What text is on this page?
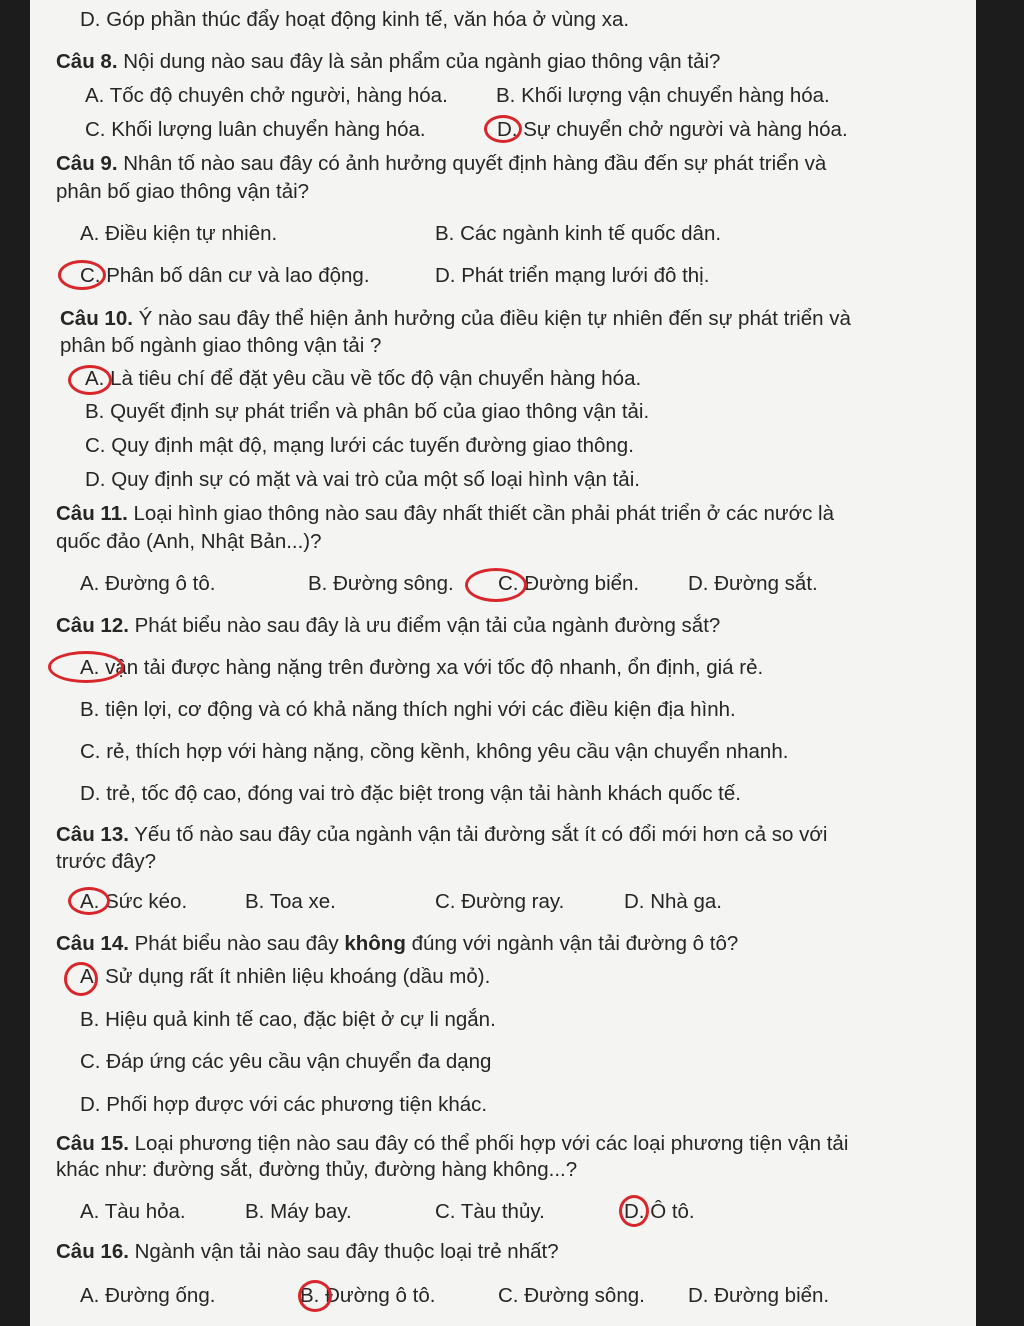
D. Góp phần thúc đẩy hoạt động kinh tế, văn hóa ở vùng xa.
Câu 8. Nội dung nào sau đây là sản phẩm của ngành giao thông vận tải?
A. Tốc độ chuyên chở người, hàng hóa. B. Khối lượng vận chuyển hàng hóa.
C. Khối lượng luân chuyển hàng hóa.	D. Sự chuyển chở người và hàng hóa.
Câu 9. Nhân tố nào sau đây có ảnh hưởng quyết định hàng đầu đến sự phát triển và
phân bố giao thông vận tải?
A. Điều kiện tự nhiên.	B. Các ngành kinh tế quốc dân.
C. Phân bố dân cư và lao động.	D. Phát triển mạng lưới đô thị.
Câu 10. Ý nào sau đây thể hiện ảnh hưởng của điều kiện tự nhiên đến sự phát triển và
phân bố ngành giao thông vận tải ?
A. Là tiêu chí để đặt yêu cầu về tốc độ vận chuyển hàng hóa.
B. Quyết định sự phát triển và phân bố của giao thông vận tải.
C. Quy định mật độ, mạng lưới các tuyến đường giao thông.
D. Quy định sự có mặt và vai trò của một số loại hình vận tải.
Câu 11. Loại hình giao thông nào sau đây nhất thiết cần phải phát triển ở các nước là
quốc đảo (Anh, Nhật Bản...)?
A. Đường ô tô.	B. Đường sông. C. Đường biển. D. Đường sắt.
Câu 12. Phát biểu nào sau đây là ưu điểm vận tải của ngành đường sắt?
A. vận tải được hàng nặng trên đường xa với tốc độ nhanh, ổn định, giá rẻ.
B. tiện lợi, cơ động và có khả năng thích nghi với các điều kiện địa hình.
C. rẻ, thích hợp với hàng nặng, cồng kềnh, không yêu cầu vận chuyển nhanh.
D. trẻ, tốc độ cao, đóng vai trò đặc biệt trong vận tải hành khách quốc tế.
Câu 13. Yếu tố nào sau đây của ngành vận tải đường sắt ít có đổi mới hơn cả so với
trước đây?
A. Sức kéo.	B. Toa xe.	C. Đường ray.	D. Nhà ga.
Câu 14. Phát biểu nào sau đây không đúng với ngành vận tải đường ô tô?
A. Sử dụng rất ít nhiên liệu khoáng (dầu mỏ).
B. Hiệu quả kinh tế cao, đặc biệt ở cự li ngắn.
C. Đáp ứng các yêu cầu vận chuyển đa dạng
D. Phối hợp được với các phương tiện khác.
Câu 15. Loại phương tiện nào sau đây có thể phối hợp với các loại phương tiện vận tải
khác như: đường sắt, đường thủy, đường hàng không...?
A. Tàu hỏa.	B. Máy bay.	C. Tàu thủy.	D. Ô tô.
Câu 16. Ngành vận tải nào sau đây thuộc loại trẻ nhất?
A. Đường ống.	B. Đường ô tô.	C. Đường sông. D. Đường biển.
